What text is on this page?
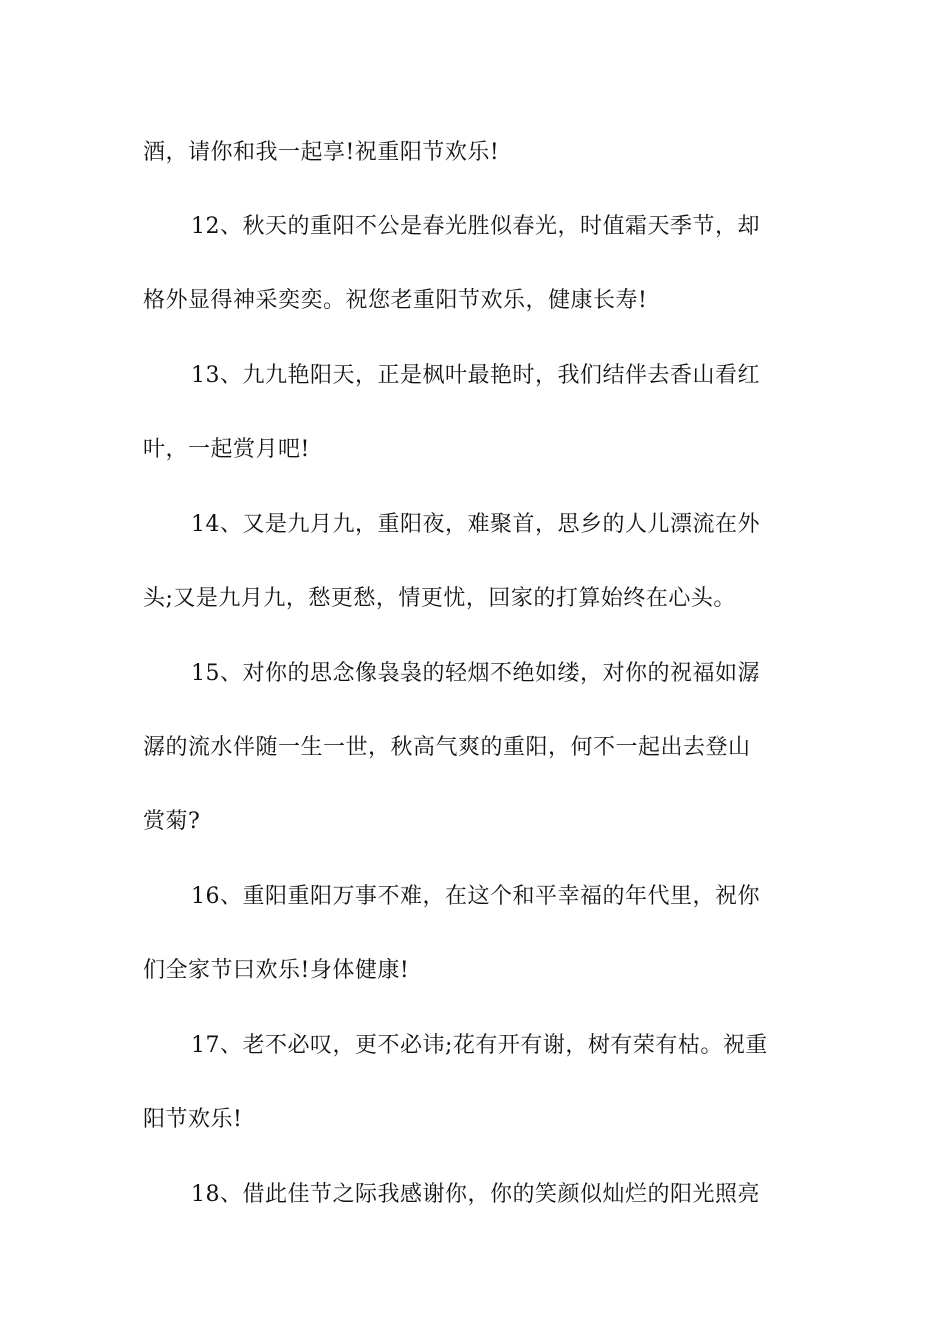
酒，请你和我一起享!祝重阳节欢乐!
12、秋天的重阳不公是春光胜似春光，时值霜天季节，却
格外显得神采奕奕。祝您老重阳节欢乐，健康长寿!
13、九九艳阳天，正是枫叶最艳时，我们结伴去香山看红
叶，一起赏月吧!
14、又是九月九，重阳夜，难聚首，思乡的人儿漂流在外
头;又是九月九，愁更愁，情更忧，回家的打算始终在心头。
15、对你的思念像袅袅的轻烟不绝如缕，对你的祝福如潺
潺的流水伴随一生一世，秋高气爽的重阳，何不一起出去登山
赏菊?
16、重阳重阳万事不难，在这个和平幸福的年代里，祝你
们全家节曰欢乐!身体健康!
17、老不必叹，更不必讳;花有开有谢，树有荣有枯。祝重
阳节欢乐!
18、借此佳节之际我感谢你，你的笑颜似灿烂的阳光照亮
